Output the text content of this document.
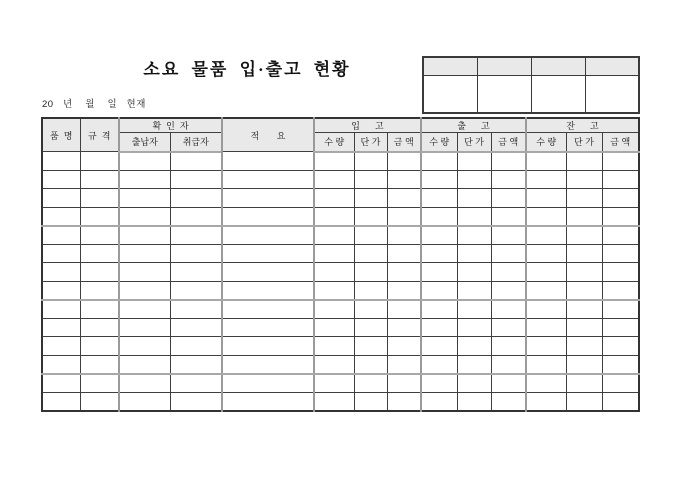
소요 물품 입·출고 현황

20   년    월    일   현재
품  명	규  격	확  인  자		적       요	입      고			출      고			잔      고		
		출납자	취급자		수 량	단 가	금 액	수 량	단 가	금 액	수 량	단 가	금 액
